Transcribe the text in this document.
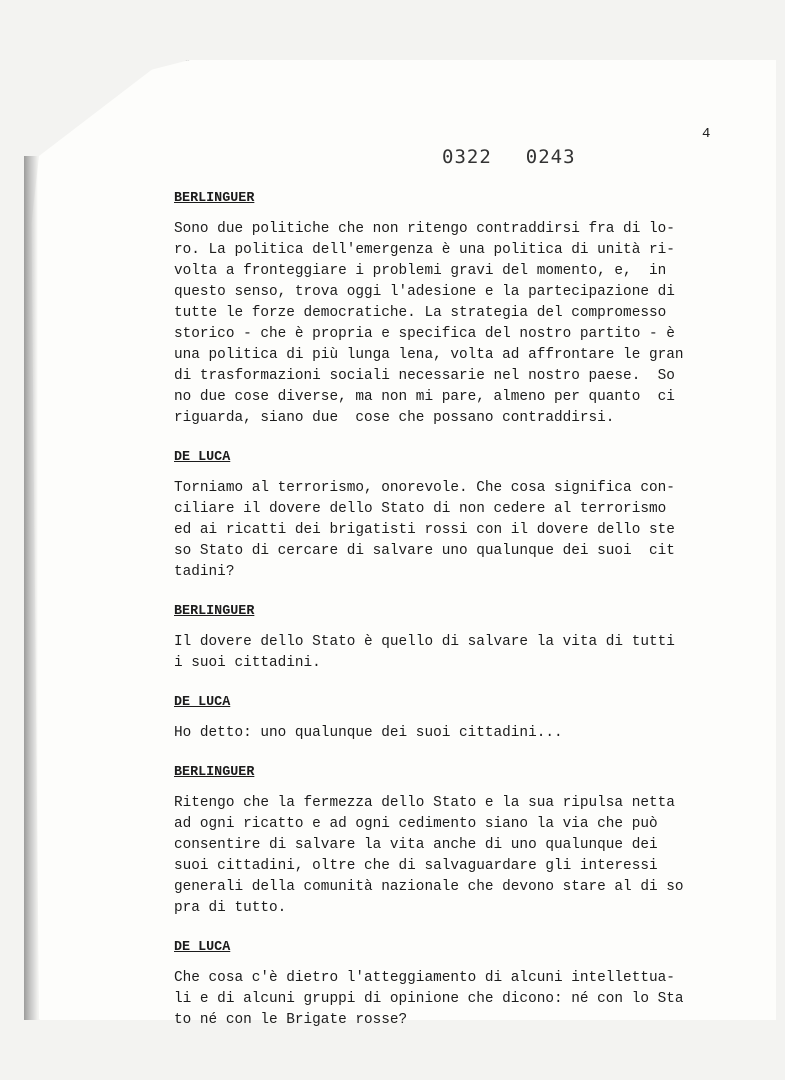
4
0322 0243
BERLINGUER

Sono due politiche che non ritengo contraddirsi fra di lo-

ro. La politica dell'emergenza è una politica di unità ri-

volta a fronteggiare i problemi gravi del momento, e,  in

questo senso, trova oggi l'adesione e la partecipazione di

tutte le forze democratiche. La strategia del compromesso

storico - che è propria e specifica del nostro partito - è

una politica di più lunga lena, volta ad affrontare le gran

di trasformazioni sociali necessarie nel nostro paese.  So

no due cose diverse, ma non mi pare, almeno per quanto  ci

riguarda, siano due  cose che possano contraddirsi.

DE LUCA

Torniamo al terrorismo, onorevole. Che cosa significa con-

ciliare il dovere dello Stato di non cedere al terrorismo

ed ai ricatti dei brigatisti rossi con il dovere dello ste

so Stato di cercare di salvare uno qualunque dei suoi  cit

tadini?

BERLINGUER

Il dovere dello Stato è quello di salvare la vita di tutti

i suoi cittadini.

DE LUCA

Ho detto: uno qualunque dei suoi cittadini...

BERLINGUER

Ritengo che la fermezza dello Stato e la sua ripulsa netta

ad ogni ricatto e ad ogni cedimento siano la via che può

consentire di salvare la vita anche di uno qualunque dei

suoi cittadini, oltre che di salvaguardare gli interessi

generali della comunità nazionale che devono stare al di so

pra di tutto.

DE LUCA

Che cosa c'è dietro l'atteggiamento di alcuni intellettua-

li e di alcuni gruppi di opinione che dicono: né con lo Sta

to né con le Brigate rosse?
